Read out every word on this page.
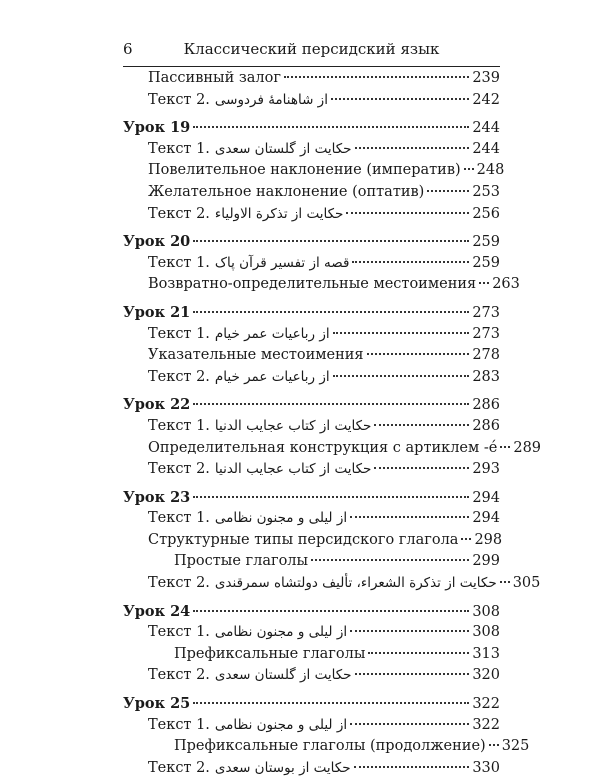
6	Классический персидский язык
Пассивный залог	239
Текст 2. از شاهنامهٔ فردوسی	242
Урок 19	244
Текст 1. حکایت از گلستان سعدی	244
Повелительное наклонение (императив) 248
Желательное наклонение (оптатив)	253
Текст 2. حکایت از تذکرة الاولیاء	256
Урок 20	259
Текст 1. قصه از تفسیر قرآن پاک	259
Возвратно-определительные местоимения 263
Урок 21	273
Текст 1. از رباعیات عمر خیام	273
Указательные местоимения	278
Текст 2. از رباعیات عمر خیام	283
Урок 22	286
Текст 1. حکایت از کتاب عجایب الدنیا	286
Определительная конструкция с артиклем -é 289
Текст 2. حکایت از کتاب عجایب الدنیا	293
Урок 23	294
Текст 1. از لیلی و مجنون نظامی	294
Структурные типы персидского глагола 298
Простые глаголы	299
Текст 2. حکایت از تذکرة الشعراء، تألیف دولتشاه سمرقندی 305
Урок 24	308
Текст 1. از لیلی و مجنون نظامی	308
Префиксальные глаголы	313
Текст 2. حکایت از گلستان سعدی	320
Урок 25	322
Текст 1. از لیلی و مجنون نظامی	322
Префиксальные глаголы (продолжение) 325
Текст 2. حکایت از بوستان سعدی	330
